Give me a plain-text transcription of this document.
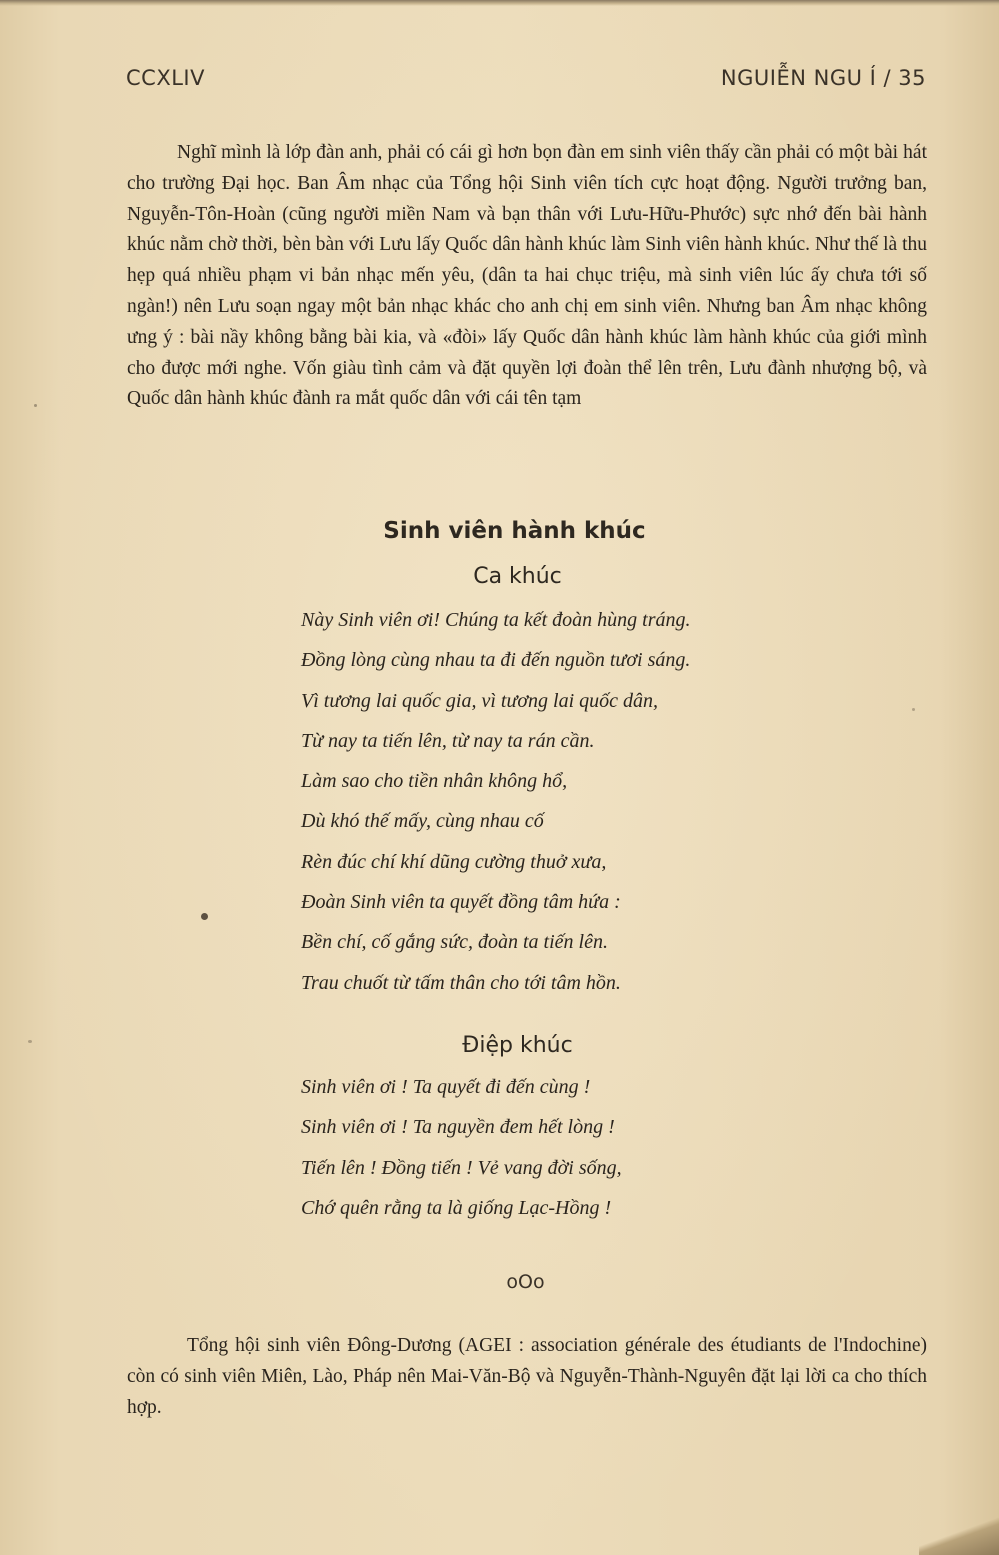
CCXLIV	NGUIỄN NGU Í / 35

Nghĩ mình là lớp đàn anh, phải có cái gì hơn bọn đàn em sinh viên thấy cần phải có một bài hát cho trường Đại học. Ban Âm nhạc của Tổng hội Sinh viên tích cực hoạt động. Người trưởng ban, Nguyễn-Tôn-Hoàn (cũng người miền Nam và bạn thân với Lưu-Hữu-Phước) sực nhớ đến bài hành khúc nằm chờ thời, bèn bàn với Lưu lấy Quốc dân hành khúc làm Sinh viên hành khúc. Như thế là thu hẹp quá nhiều phạm vi bản nhạc mến yêu, (dân ta hai chục triệu, mà sinh viên lúc ấy chưa tới số ngàn!) nên Lưu soạn ngay một bản nhạc khác cho anh chị em sinh viên. Nhưng ban Âm nhạc không ưng ý : bài nầy không bằng bài kia, và «đòi» lấy Quốc dân hành khúc làm hành khúc của giới mình cho được mới nghe. Vốn giàu tình cảm và đặt quyền lợi đoàn thể lên trên, Lưu đành nhượng bộ, và Quốc dân hành khúc đành ra mắt quốc dân với cái tên tạm

Sinh viên hành khúc
Ca khúc
Này Sinh viên ơi! Chúng ta kết đoàn hùng tráng.
Đồng lòng cùng nhau ta đi đến nguồn tươi sáng.
Vì tương lai quốc gia, vì tương lai quốc dân,
Từ nay ta tiến lên, từ nay ta rán cần.
Làm sao cho tiền nhân không hổ,
Dù khó thế mấy, cùng nhau cố
Rèn đúc chí khí dũng cường thuở xưa,
Đoàn Sinh viên ta quyết đồng tâm hứa :
Bền chí, cố gắng sức, đoàn ta tiến lên.
Trau chuốt từ tấm thân cho tới tâm hồn.
Điệp khúc
Sinh viên ơi ! Ta quyết đi đến cùng !
Sinh viên ơi ! Ta nguyền đem hết lòng !
Tiến lên ! Đồng tiến ! Vẻ vang đời sống,
Chớ quên rằng ta là giống Lạc-Hồng !
oOo

Tổng hội sinh viên Đông-Dương (AGEI : association générale des étudiants de l'Indochine) còn có sinh viên Miên, Lào, Pháp nên Mai-Văn-Bộ và Nguyễn-Thành-Nguyên đặt lại lời ca cho thích hợp.
